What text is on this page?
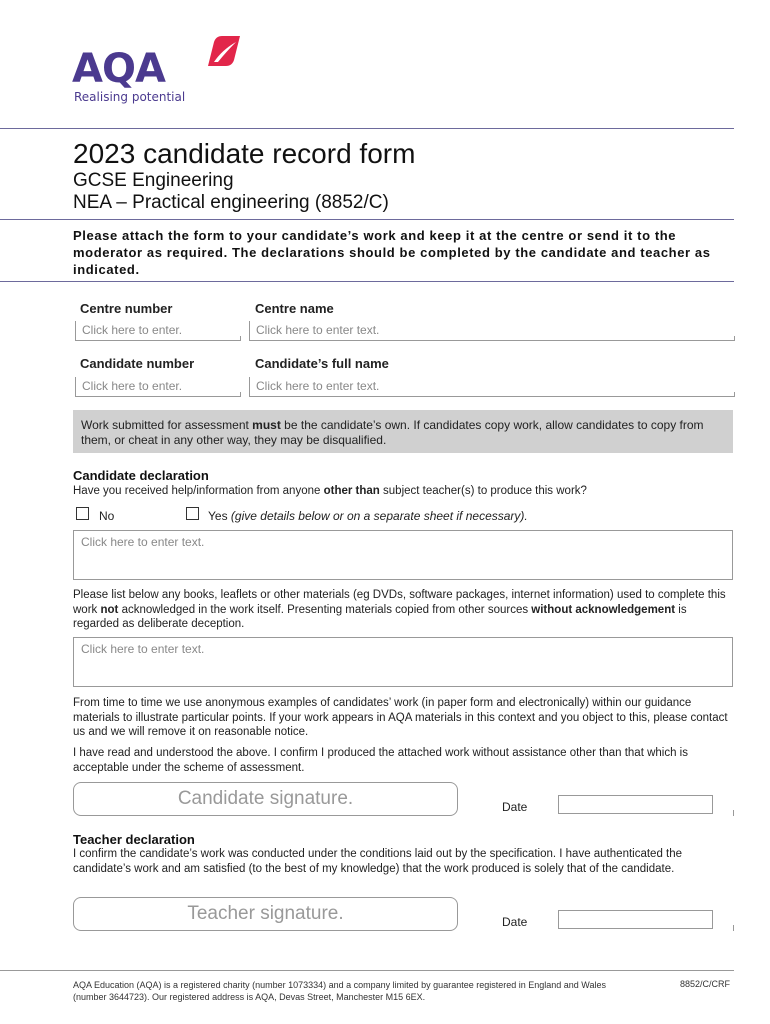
AQA
Realising potential
2023 candidate record form
GCSE Engineering
NEA – Practical engineering (8852/C)
Please attach the form to your candidate’s work and keep it at the centre or send it to the moderator as required. The declarations should be completed by the candidate and teacher as indicated.
Centre number	Centre name
Click here to enter.	Click here to enter text.
Candidate number	Candidate’s full name
Click here to enter.	Click here to enter text.
Work submitted for assessment must be the candidate’s own. If candidates copy work, allow candidates to copy from them, or cheat in any other way, they may be disqualified.
Candidate declaration
Have you received help/information from anyone other than subject teacher(s) to produce this work?
No	Yes (give details below or on a separate sheet if necessary).
Click here to enter text.
Please list below any books, leaflets or other materials (eg DVDs, software packages, internet information) used to complete this work not acknowledged in the work itself. Presenting materials copied from other sources without acknowledgement is regarded as deliberate deception.
Click here to enter text.
From time to time we use anonymous examples of candidates’ work (in paper form and electronically) within our guidance materials to illustrate particular points. If your work appears in AQA materials in this context and you object to this, please contact us and we will remove it on reasonable notice.
I have read and understood the above. I confirm I produced the attached work without assistance other than that which is acceptable under the scheme of assessment.
Candidate signature.	Date
Teacher declaration
I confirm the candidate’s work was conducted under the conditions laid out by the specification. I have authenticated the candidate’s work and am satisfied (to the best of my knowledge) that the work produced is solely that of the candidate.
Teacher signature.	Date
AQA Education (AQA) is a registered charity (number 1073334) and a company limited by guarantee registered in England and Wales (number 3644723). Our registered address is AQA, Devas Street, Manchester M15 6EX.
8852/C/CRF
